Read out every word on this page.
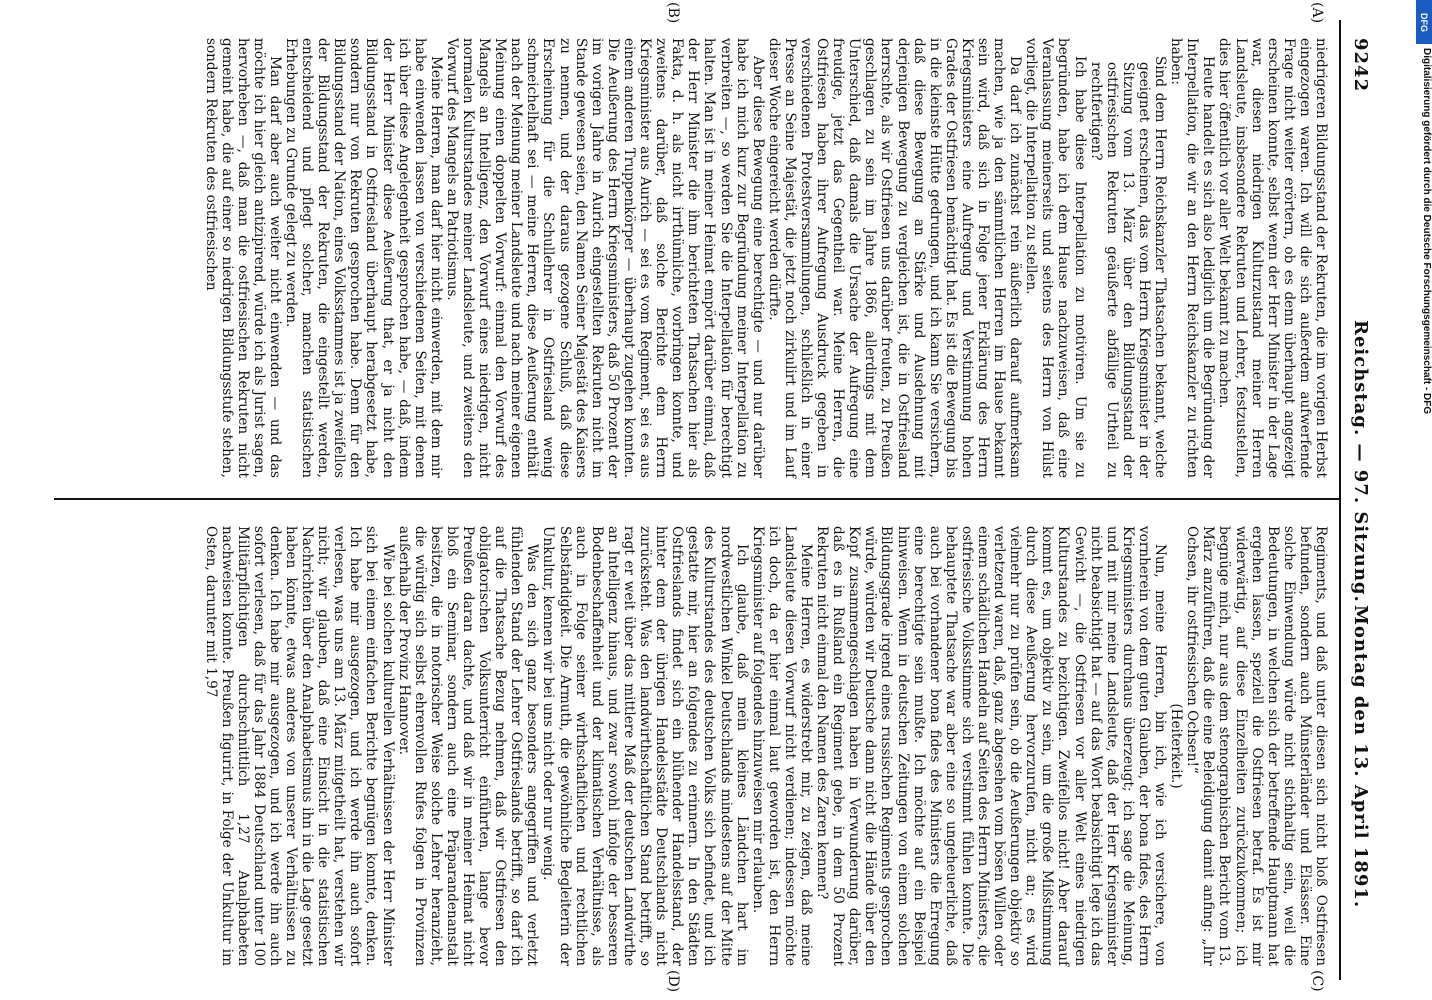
9242
Reichstag. — 97. Sitzung.
Montag den 13. April 1891.

niedrigeren Bildungsstand der Rekruten, die im vorigen Herbst eingezogen waren. Ich will die sich außerdem aufwerfende Frage nicht weiter erörtern, ob es denn überhaupt angezeigt erscheinen konnte, selbst wenn der Herr Minister in der Lage war, diesen niedrigen Kulturzustand meiner Herren Landsleute, insbesondere Rekruten und Lehrer, festzustellen, dies hier öffentlich vor aller Welt bekannt zu machen.

Heute handelt es sich also lediglich um die Begründung der Interpellation, die wir an den Herrn Reichskanzler zu richten haben:

Sind dem Herrn Reichskanzler Thatsachen bekannt, welche geeignet erscheinen, das vom Herrn Kriegsminister in der Sitzung vom 13. März über den Bildungsstand der ostfriesischen Rekruten geäußerte abfällige Urtheil zu rechtfertigen?

Ich habe diese Interpellation zu motiviren. Um sie zu begründen, habe ich dem Hause nachzuweisen, daß eine Veranlassung meinerseits und seitens des Herrn von Hülst vorliegt, die Interpellation zu stellen.

Da darf ich zunächst rein äußerlich darauf aufmerksam machen, wie ja den sämmtlichen Herren im Hause bekannt sein wird, daß sich in Folge jener Erklärung des Herrn Kriegsministers eine Aufregung und Verstimmung hohen Grades der Ostfriesen bemächtigt hat. Es ist die Bewegung bis in die kleinste Hütte gedrungen, und ich kann Sie versichern, daß diese Bewegung an Stärke und Ausdehnung mit derjenigen Bewegung zu vergleichen ist, die in Ostfriesland herrschte, als wir Ostfriesen uns darüber freuten, zu Preußen geschlagen zu sein im Jahre 1866, allerdings mit dem Unterschied, daß damals die Ursache der Aufregung eine freudige, jetzt das Gegentheil war. Meine Herren, die Ostfriesen haben ihrer Aufregung Ausdruck gegeben in verschiedenen Protestversammlungen, schließlich in einer Presse an Seine Majestät, die jetzt noch zirkulirt und im Lauf dieser Woche eingereicht werden dürfte.

Aber diese Bewegung eine berechtigte — und nur darüber habe ich mich kurz zur Begründung meiner Interpellation zu verbreiten —, so werden Sie die Interpellation für berechtigt halten. Man ist in meiner Heimat empört darüber einmal, daß der Herr Minister die ihm berichteten Thatsachen hier als Fakta, d. h. als nicht irrthümliche, vorbringen konnte, und zweitens darüber, daß solche Berichte dem Herrn Kriegsminister aus Aurich — sei es vom Regiment, sei es aus einem anderen Truppenkörper — überhaupt zugehen konnten. Die Aeußerung des Herrn Kriegsministers, daß 50 Prozent der im vorigen Jahre in Aurich eingestellten Rekruten nicht im Stande gewesen seien, den Namen Seiner Majestät des Kaisers zu nennen, und der daraus gezogene Schluß, daß diese Erscheinung für die Schullehrer in Ostfriesland wenig schmeichelhaft sei — meine Herren, diese Aeußerung enthält nach der Meinung meiner Landsleute und nach meiner eigenen Meinung einen doppelten Vorwurf: einmal den Vorwurf des Mangels an Intelligenz, den Vorwurf eines niedrigen, nicht normalen Kulturstandes meiner Landsleute, und zweitens den Vorwurf des Mangels an Patriotismus.

Meine Herren, man darf hier nicht einwerden, mit dem mir habe einwenden lassen von verschiedenen Seiten, mit denen ich über diese Angelegenheit gesprochen habe, — daß, indem der Herr Minister diese Aeußerung that, er ja nicht den Bildungsstand in Ostfriesland überhaupt herabgesetzt habe, sondern nur von Rekruten gesprochen habe. Denn für den Bildungsstand der Nation, eines Volksstammes ist ja zweifellos der Bildungsstand der Rekruten, die eingestellt werden, entscheidend und pflegt solcher, manchen statistischen Erhebungen zu Grunde gelegt zu werden.

Man darf aber auch weiter nicht einwenden — und das möchte ich hier gleich antizipirend, würde ich als Jurist sagen, hervorheben —, daß man die ostfriesischen Rekruten nicht gemeint habe, die auf einer so niedrigen Bildungsstufe stehen, sondern Rekruten des ostfriesischen

Regiments, und daß unter diesen sich nicht bloß Ostfriesen befunden, sondern auch Münsterländer und Elsässer. Eine solche Einwendung würde nicht stichhaltig sein, weil die Bedeutungen, in welchen sich der betreffende Hauptmann hat ergehen lassen, speziell die Ostfriesen betraf. Es ist mir widerwärtig, auf diese Einzelheiten zurückzukommen; ich begnüge mich, nur aus dem stenographischen Bericht vom 13. März anzuführen, daß die eine Beleidigung damit anfing: „Ihr Ochsen, ihr ostfriesischen Ochsen!“

(Heiterkeit.)

Nun, meine Herren, bin ich, wie ich versichere, von vornherein von dem guten Glauben, der bona fides, des Herrn Kriegsministers durchaus überzeugt; ich sage die Meinung, und mit mir meine Landsleute, daß der Herr Kriegsminister nicht beabsichtigt hat — auf das Wort beabsichtigt lege ich das Gewicht —, die Ostfriesen vor aller Welt eines niedrigen Kulturstandes zu bezichtigen. Zweifellos nicht! Aber darauf kommt es, um objektiv zu sein, um die große Mißstimmung durch diese Aeußerung hervorzurufen, nicht an; es wird vielmehr nur zu prüfen sein, ob die Aeußerungen objektiv so verletzend waren, daß, ganz abgesehen vom bösen Willen oder einem schädlichen Handeln auf Seiten des Herrn Ministers, die ostfriesische Volksstimme sich verstimmt fühlen konnte. Die behauptete Thatsache war aber eine so ungeheuerliche, daß auch bei vorhandener bona fides des Ministers die Erregung eine berechtigte sein mußte. Ich möchte auf ein Beispiel hinweisen. Wenn in deutschen Zeitungen von einem solchen Bildungsgrade irgend eines russischen Regiments gesprochen würde, würden wir Deutsche dann nicht die Hände über den Kopf zusammengeschlagen haben in Verwunderung darüber, daß es in Rußland ein Regiment gebe, in dem 50 Prozent Rekruten nicht einmal den Namen des Zaren kennen?

Meine Herren, es widerstrebt mir, zu zeigen, daß meine Landsleute diesen Vorwurf nicht verdienen; indessen möchte ich doch, da er hier einmal laut geworden ist, den Herrn Kriegsminister auf folgendes hinzuweisen mir erlauben.

Ich glaube, daß mein kleines Ländchen hart im nordwestlichen Winkel Deutschlands mindestens auf der Mitte des Kulturstandes des deutschen Volks sich befindet, und ich gestatte mir, hier an folgendes zu erinnern. In den Städten Ostfrieslands findet sich ein blühender Handelsstand, der hinter dem der übrigen Handelsstädte Deutschlands nicht zurücksteht. Was den landwirthschaftlichen Stand betrifft, so ragt er weit über das mittlere Maß der deutschen Landwirthe an Intelligenz hinaus, und zwar sowohl infolge der besseren Bodenbeschaffenheit und der klimatischen Verhältnisse, als auch in Folge seiner wirthschaftlichen und rechtlichen Selbständigkeit. Die Armuth, die gewöhnliche Begleiterin der Unkultur, kennen wir bei uns nicht oder nur wenig.

Was den sich ganz besonders angegriffen und verletzt fühlenden Stand der Lehrer Ostfrieslands betrifft, so darf ich auf die Thatsache Bezug nehmen, daß wir Ostfriesen den obligatorischen Volksunterricht einführten, lange bevor Preußen daran dachte, und daß wir in meiner Heimat nicht bloß ein Seminar, sondern auch eine Präparandenanstalt besitzen, die in notorischer Weise solche Lehrer heranzieht, die würdig sich selbst ehrenvollen Rufes folgen in Provinzen außerhalb der Provinz Hannover.

Wie bei solchen kulturellen Verhältnissen der Herr Minister sich bei einem einfachen Berichte begnügen konnte, denken. Ich habe mir ausgezogen, und ich werde ihn auch sofort verlesen, was uns am 13. März mitgetheilt hat, verstehen wir nicht; wir glauben, daß eine Einsicht in die statistischen Nachrichten über den Analphabetismus ihn in die Lage gesetzt haben könnte, etwas anderes von unserer Verhältnissen zu denken. Ich habe mir ausgezogen, und ich werde ihn auch sofort verlesen, daß für das Jahr 1884 Deutschland unter 100 Militärpflichtigen durchschnittlich 1,27 Analphabeten nachweisen konnte. Preußen figurirt, in Folge der Unkultur im Osten, darunter mit 1,97

(A)
(B)
(C)
(D)
DFG
Digitalisierung gefördert durch die Deutsche Forschungsgemeinschaft - DFG
